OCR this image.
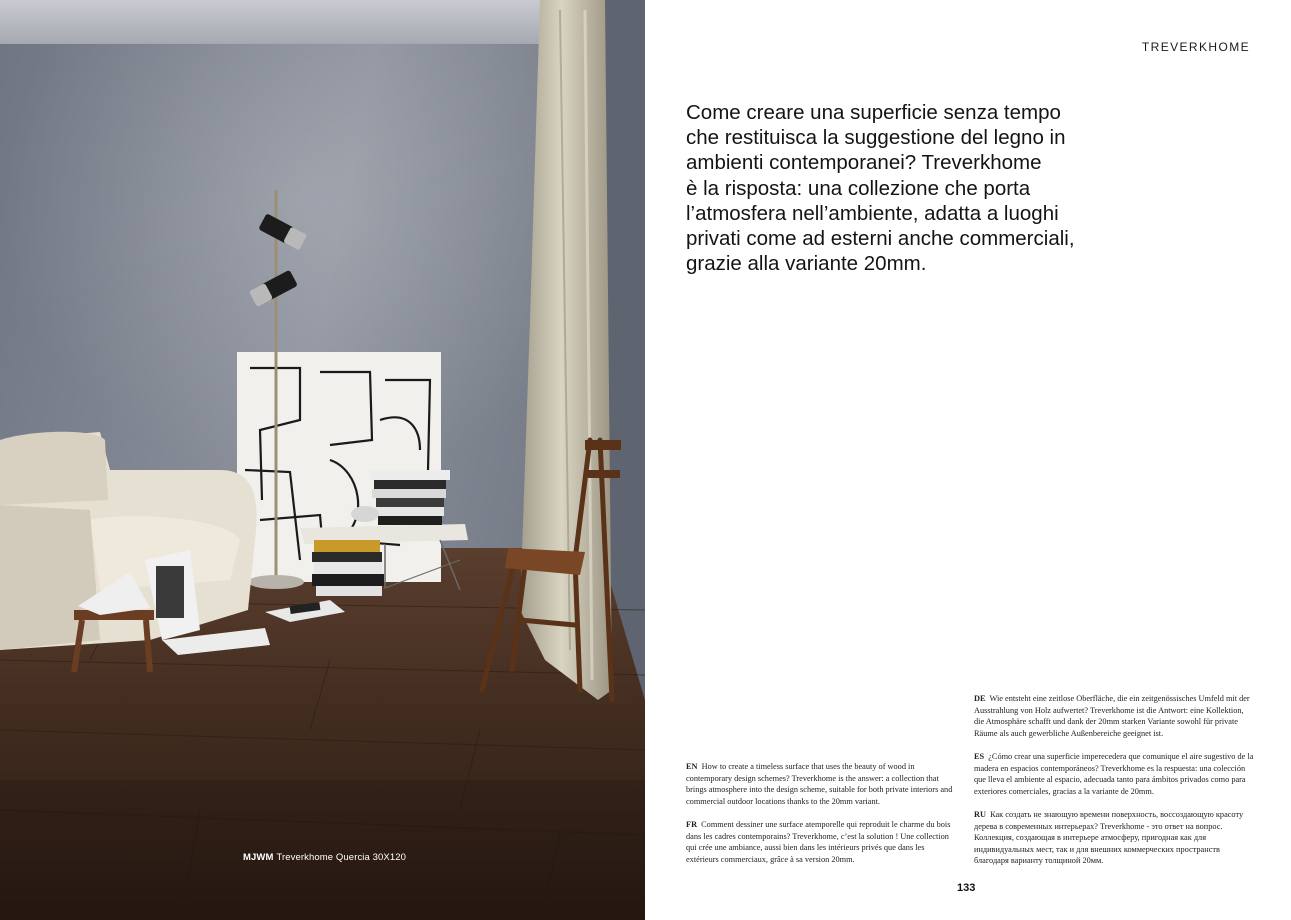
MJWM Treverkhome Quercia 30X120
TREVERKHOME
Come creare una superficie senza tempo
che restituisca la suggestione del legno in
ambienti contemporanei? Treverkhome
è la risposta: una collezione che porta
l’atmosfera nell’ambiente, adatta a luoghi
privati come ad esterni anche commerciali,
grazie alla variante 20mm.

EN How to create a timeless surface that uses the beauty of wood in contemporary design schemes? Treverkhome is the answer: a collection that brings atmosphere into the design scheme, suitable for both private interiors and commercial outdoor locations thanks to the 20mm variant.

FR Comment dessiner une surface atemporelle qui reproduit le charme du bois dans les cadres contemporains? Treverkhome, c’est la solution ! Une collection qui crée une ambiance, aussi bien dans les intérieurs privés que dans les extérieurs commerciaux, grâce à sa version 20mm.

DE Wie entsteht eine zeitlose Oberfläche, die ein zeitgenössisches Umfeld mit der Ausstrahlung von Holz aufwertet? Treverkhome ist die Antwort: eine Kollektion, die Atmosphäre schafft und dank der 20mm starken Variante sowohl für private Räume als auch gewerbliche Außenbereiche geeignet ist.

ES ¿Cómo crear una superficie imperecedera que comunique el aire sugestivo de la madera en espacios contemporáneos? Treverkhome es la respuesta: una colección que lleva el ambiente al espacio, adecuada tanto para ámbitos privados como para exteriores comerciales, gracias a la variante de 20mm.

RU Как создать не знающую времени поверхность, воссоздающую красоту дерева в современных интерьерах? Treverkhome - это ответ на вопрос. Коллекция, создающая в интерьере атмосферу, пригодная как для индивидуальных мест, так и для внешних коммерческих пространств благодаря варианту толщиной 20мм.

133
